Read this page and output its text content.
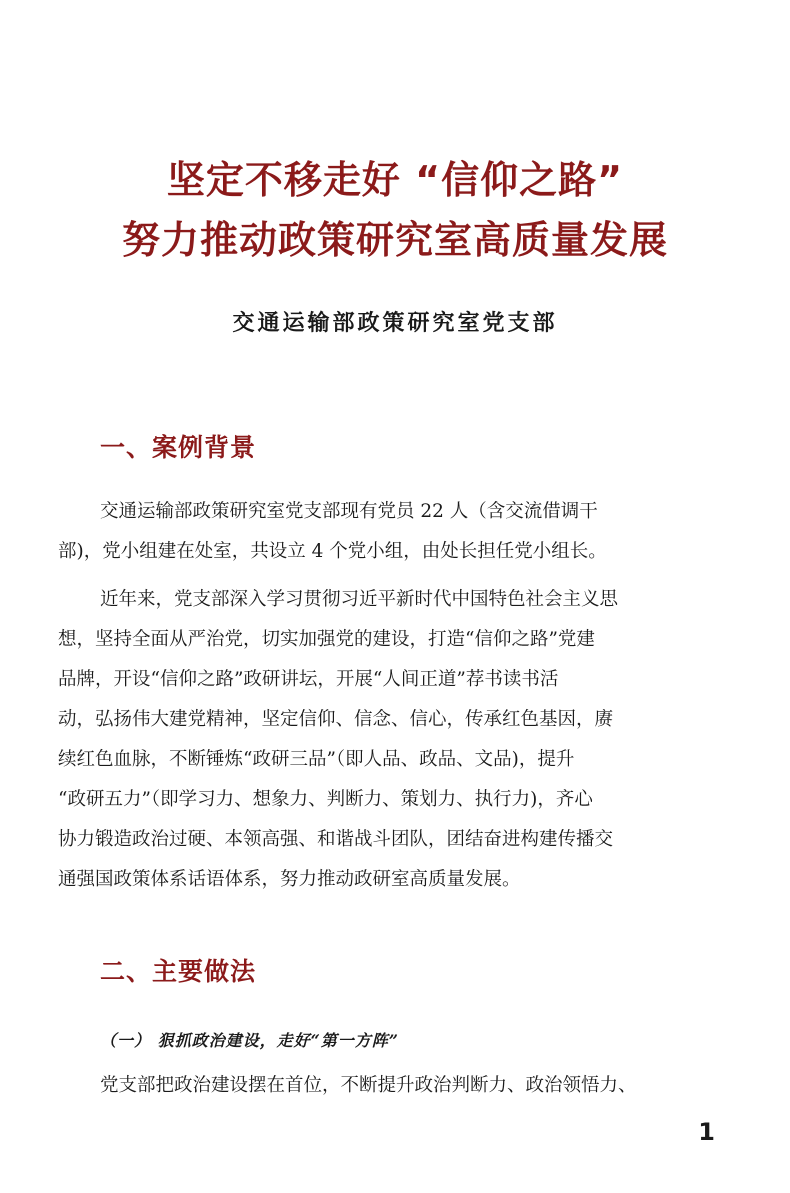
坚定不移走好 “信仰之路”
努力推动政策研究室高质量发展
交通运输部政策研究室党支部
一、案例背景
交通运输部政策研究室党支部现有党员 22 人（含交流借调干
部)，党小组建在处室，共设立 4 个党小组，由处长担任党小组长。
近年来，党支部深入学习贯彻习近平新时代中国特色社会主义思
想，坚持全面从严治党，切实加强党的建设，打造“信仰之路”党建
品牌，开设“信仰之路”政研讲坛，开展“人间正道”荐书读书活
动，弘扬伟大建党精神，坚定信仰、信念、信心，传承红色基因，赓
续红色血脉，不断锤炼“政研三品”（即人品、政品、文品)，提升
“政研五力”（即学习力、想象力、判断力、策划力、执行力)，齐心
协力锻造政治过硬、本领高强、和谐战斗团队，团结奋进构建传播交
通强国政策体系话语体系，努力推动政研室高质量发展。
二、主要做法
（一） 狠抓政治建设，走好“第一方阵”
党支部把政治建设摆在首位，不断提升政治判断力、政治领悟力、
1
